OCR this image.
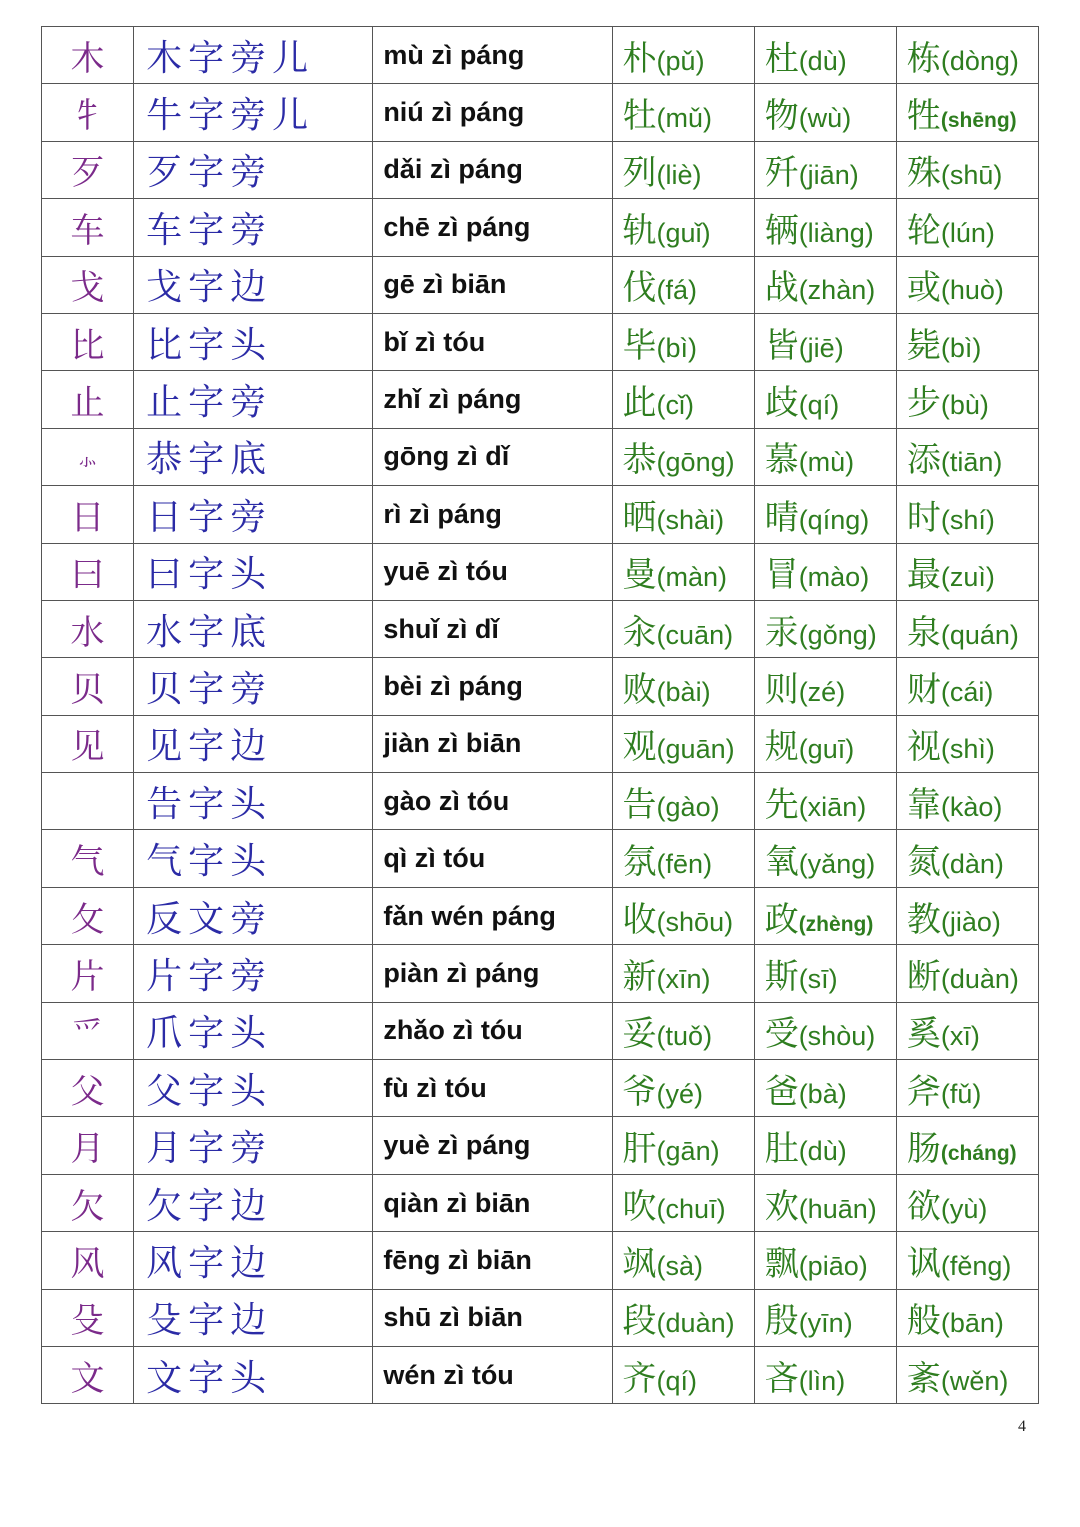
木	木字旁儿	mù zì páng	朴(pǔ)	杜(dù)	栋(dòng)
牜	牛字旁儿	niú zì páng	牡(mǔ)	物(wù)	牲(shēng)
歹	歹字旁	dǎi zì páng	列(liè)	歼(jiān)	殊(shū)
车	车字旁	chē zì páng	轨(guǐ)	辆(liàng)	轮(lún)
戈	戈字边	gē zì biān	伐(fá)	战(zhàn)	或(huò)
比	比字头	bǐ zì tóu	毕(bì)	皆(jiē)	毙(bì)
止	止字旁	zhǐ zì páng	此(cǐ)	歧(qí)	步(bù)
⺗	恭字底	gōng zì dǐ	恭(gōng)	慕(mù)	添(tiān)
日	日字旁	rì zì páng	晒(shài)	晴(qíng)	时(shí)
曰	曰字头	yuē zì tóu	曼(màn)	冒(mào)	最(zuì)
水	水字底	shuǐ zì dǐ	汆(cuān)	汞(gǒng)	泉(quán)
贝	贝字旁	bèi zì páng	败(bài)	则(zé)	财(cái)
见	见字边	jiàn zì biān	观(guān)	规(guī)	视(shì)
	告字头	gào zì tóu	告(gào)	先(xiān)	靠(kào)
气	气字头	qì zì tóu	氛(fēn)	氧(yǎng)	氮(dàn)
攵	反文旁	fǎn wén páng	收(shōu)	政(zhèng)	教(jiào)
片	片字旁	piàn zì páng	新(xīn)	斯(sī)	断(duàn)
爫	爪字头	zhǎo zì tóu	妥(tuǒ)	受(shòu)	奚(xī)
父	父字头	fù zì tóu	爷(yé)	爸(bà)	斧(fǔ)
月	月字旁	yuè zì páng	肝(gān)	肚(dù)	肠(cháng)
欠	欠字边	qiàn zì biān	吹(chuī)	欢(huān)	欲(yù)
风	风字边	fēng zì biān	飒(sà)	飘(piāo)	讽(fěng)
殳	殳字边	shū zì biān	段(duàn)	殷(yīn)	般(bān)
文	文字头	wén zì tóu	齐(qí)	吝(lìn)	紊(wěn)
4
